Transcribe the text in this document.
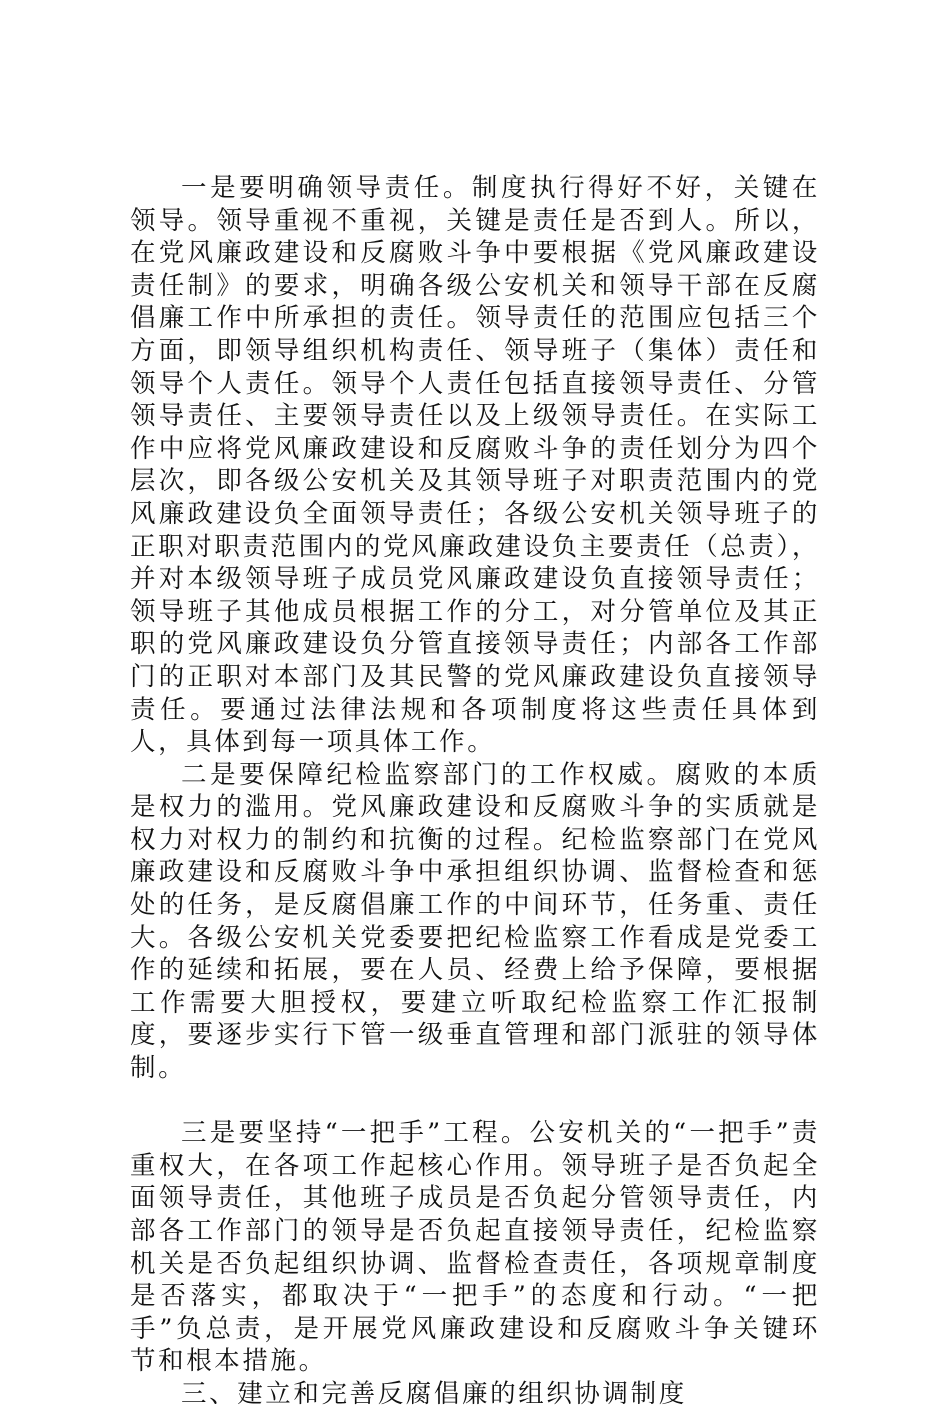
一是要明确领导责任。制度执行得好不好，关键在领导。领导重视不重视，关键是责任是否到人。所以，在党风廉政建设和反腐败斗争中要根据《党风廉政建设责任制》的要求，明确各级公安机关和领导干部在反腐倡廉工作中所承担的责任。领导责任的范围应包括三个方面，即领导组织机构责任、领导班子（集体）责任和领导个人责任。领导个人责任包括直接领导责任、分管领导责任、主要领导责任以及上级领导责任。在实际工作中应将党风廉政建设和反腐败斗争的责任划分为四个层次，即各级公安机关及其领导班子对职责范围内的党风廉政建设负全面领导责任；各级公安机关领导班子的正职对职责范围内的党风廉政建设负主要责任（总责），并对本级领导班子成员党风廉政建设负直接领导责任；领导班子其他成员根据工作的分工，对分管单位及其正职的党风廉政建设负分管直接领导责任；内部各工作部门的正职对本部门及其民警的党风廉政建设负直接领导责任。要通过法律法规和各项制度将这些责任具体到人，具体到每一项具体工作。

二是要保障纪检监察部门的工作权威。腐败的本质是权力的滥用。党风廉政建设和反腐败斗争的实质就是权力对权力的制约和抗衡的过程。纪检监察部门在党风廉政建设和反腐败斗争中承担组织协调、监督检查和惩处的任务，是反腐倡廉工作的中间环节，任务重、责任大。各级公安机关党委要把纪检监察工作看成是党委工作的延续和拓展，要在人员、经费上给予保障，要根据工作需要大胆授权，要建立听取纪检监察工作汇报制度，要逐步实行下管一级垂直管理和部门派驻的领导体制。

三是要坚持“一把手”工程。公安机关的“一把手”责重权大，在各项工作起核心作用。领导班子是否负起全面领导责任，其他班子成员是否负起分管领导责任，内部各工作部门的领导是否负起直接领导责任，纪检监察机关是否负起组织协调、监督检查责任，各项规章制度是否落实，都取决于“一把手”的态度和行动。“一把手”负总责，是开展党风廉政建设和反腐败斗争关键环节和根本措施。

三、建立和完善反腐倡廉的组织协调制度
